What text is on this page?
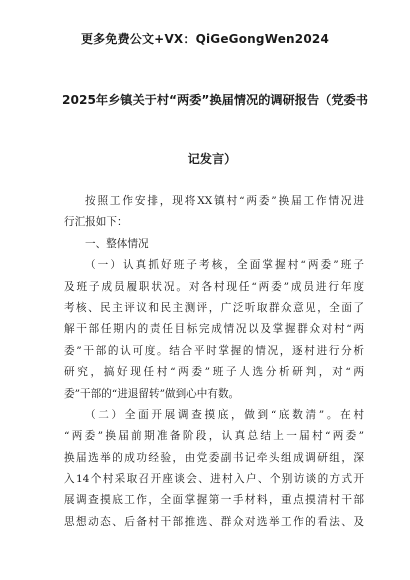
更多免费公文+VX：QiGeGongWen2024
2025年乡镇关于村“两委”换届情况的调研报告（党委书
记发言）
按照工作安排，现将XX镇村“两委”换届工作情况进
行汇报如下：
一、整体情况
（一）认真抓好班子考核，全面掌握村“两委”班子
及班子成员履职状况。对各村现任“两委”成员进行年度
考核、民主评议和民主测评，广泛听取群众意见，全面了
解干部任期内的责任目标完成情况以及掌握群众对村“两
委”干部的认可度。结合平时掌握的情况，逐村进行分析
研究，搞好现任村“两委”班子人选分析研判，对“两
委”干部的“进退留转”做到心中有数。
（二）全面开展调查摸底，做到“底数清”。在村
“两委”换届前期准备阶段，认真总结上一届村“两委”
换届选举的成功经验，由党委副书记牵头组成调研组，深
入14个村采取召开座谈会、进村入户、个别访谈的方式开
展调查摸底工作，全面掌握第一手材料，重点摸清村干部
思想动态、后备村干部推选、群众对选举工作的看法、及
